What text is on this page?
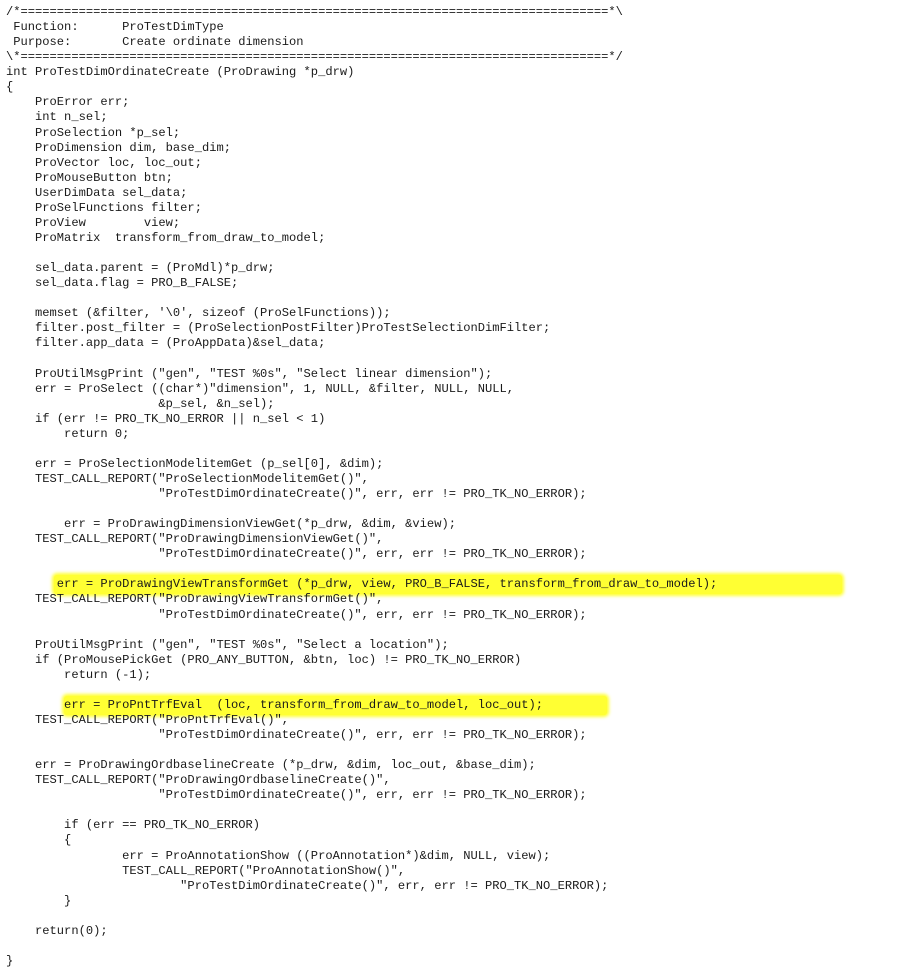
/*=================================================================================*\
Function:      ProTestDimType
Purpose:       Create ordinate dimension
\*=================================================================================*/
int ProTestDimOrdinateCreate (ProDrawing *p_drw)
{
ProError err;
int n_sel;
ProSelection *p_sel;
ProDimension dim, base_dim;
ProVector loc, loc_out;
ProMouseButton btn;
UserDimData sel_data;
ProSelFunctions filter;
ProView        view;
ProMatrix  transform_from_draw_to_model;
sel_data.parent = (ProMdl)*p_drw;
sel_data.flag = PRO_B_FALSE;
memset (&filter, '\0', sizeof (ProSelFunctions));
filter.post_filter = (ProSelectionPostFilter)ProTestSelectionDimFilter;
filter.app_data = (ProAppData)&sel_data;
ProUtilMsgPrint ("gen", "TEST %0s", "Select linear dimension");
err = ProSelect ((char*)"dimension", 1, NULL, &filter, NULL, NULL,
&p_sel, &n_sel);
if (err != PRO_TK_NO_ERROR || n_sel < 1)
return 0;
err = ProSelectionModelitemGet (p_sel[0], &dim);
TEST_CALL_REPORT("ProSelectionModelitemGet()",
"ProTestDimOrdinateCreate()", err, err != PRO_TK_NO_ERROR);
err = ProDrawingDimensionViewGet(*p_drw, &dim, &view);
TEST_CALL_REPORT("ProDrawingDimensionViewGet()",
"ProTestDimOrdinateCreate()", err, err != PRO_TK_NO_ERROR);
err = ProDrawingViewTransformGet (*p_drw, view, PRO_B_FALSE, transform_from_draw_to_model);
TEST_CALL_REPORT("ProDrawingViewTransformGet()",
"ProTestDimOrdinateCreate()", err, err != PRO_TK_NO_ERROR);
ProUtilMsgPrint ("gen", "TEST %0s", "Select a location");
if (ProMousePickGet (PRO_ANY_BUTTON, &btn, loc) != PRO_TK_NO_ERROR)
return (-1);
err = ProPntTrfEval  (loc, transform_from_draw_to_model, loc_out);
TEST_CALL_REPORT("ProPntTrfEval()",
"ProTestDimOrdinateCreate()", err, err != PRO_TK_NO_ERROR);
err = ProDrawingOrdbaselineCreate (*p_drw, &dim, loc_out, &base_dim);
TEST_CALL_REPORT("ProDrawingOrdbaselineCreate()",
"ProTestDimOrdinateCreate()", err, err != PRO_TK_NO_ERROR);
if (err == PRO_TK_NO_ERROR)
{
err = ProAnnotationShow ((ProAnnotation*)&dim, NULL, view);
TEST_CALL_REPORT("ProAnnotationShow()",
"ProTestDimOrdinateCreate()", err, err != PRO_TK_NO_ERROR);
}
return(0);
}
